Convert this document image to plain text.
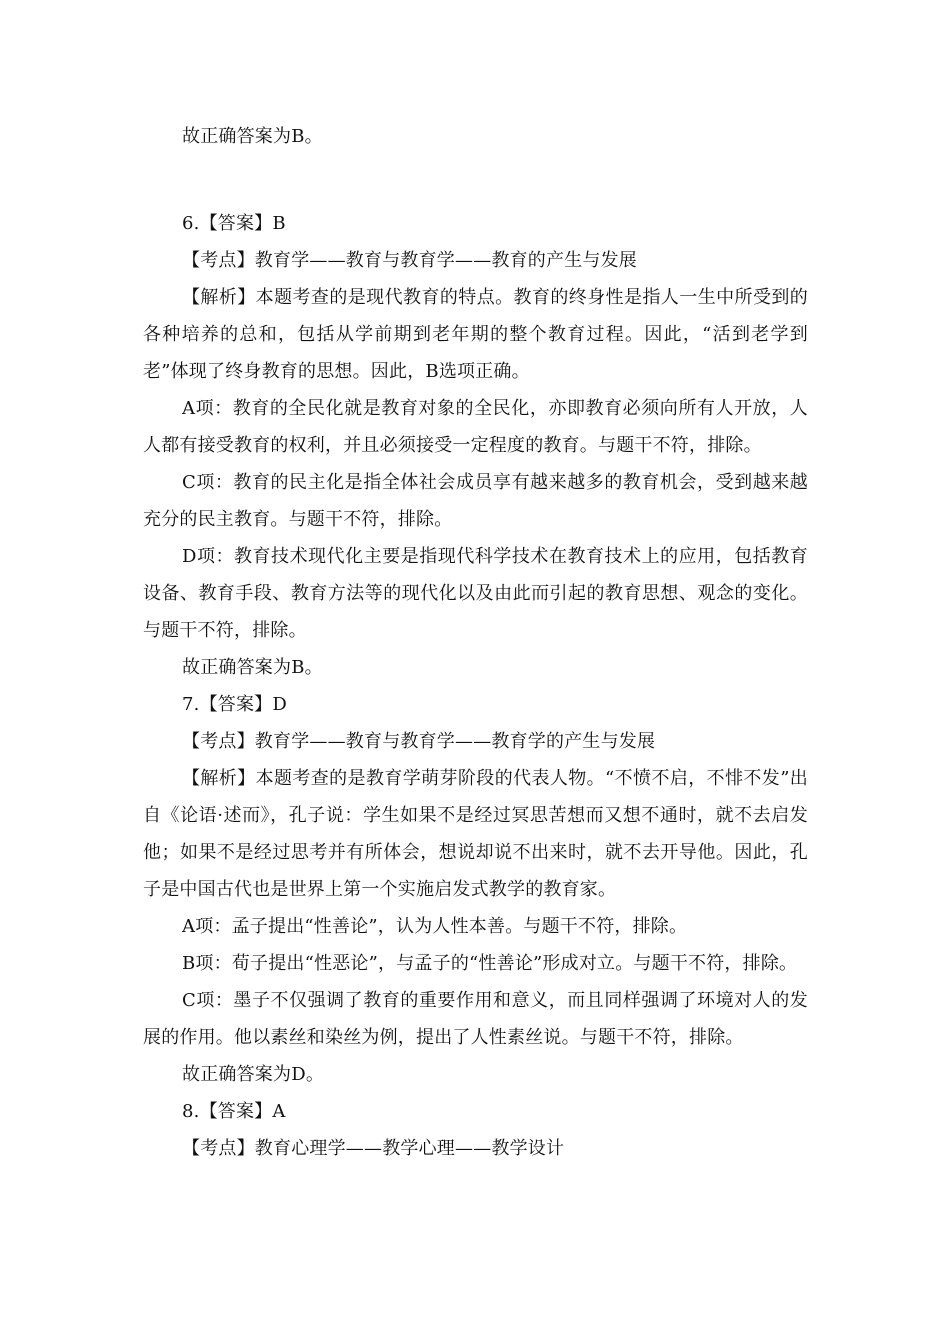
故正确答案为B。
6.【答案】B
【考点】教育学——教育与教育学——教育的产生与发展

【解析】本题考查的是现代教育的特点。教育的终身性是指人一生中所受到的各种培养的总和，包括从学前期到老年期的整个教育过程。因此，“活到老学到老”体现了终身教育的思想。因此，B选项正确。

A项：教育的全民化就是教育对象的全民化，亦即教育必须向所有人开放，人人都有接受教育的权利，并且必须接受一定程度的教育。与题干不符，排除。

C项：教育的民主化是指全体社会成员享有越来越多的教育机会，受到越来越充分的民主教育。与题干不符，排除。

D项：教育技术现代化主要是指现代科学技术在教育技术上的应用，包括教育设备、教育手段、教育方法等的现代化以及由此而引起的教育思想、观念的变化。与题干不符，排除。

故正确答案为B。
7.【答案】D
【考点】教育学——教育与教育学——教育学的产生与发展

【解析】本题考查的是教育学萌芽阶段的代表人物。“不愤不启，不悱不发”出自《论语·述而》，孔子说：学生如果不是经过冥思苦想而又想不通时，就不去启发他；如果不是经过思考并有所体会，想说却说不出来时，就不去开导他。因此，孔子是中国古代也是世界上第一个实施启发式教学的教育家。

A项：孟子提出“性善论”，认为人性本善。与题干不符，排除。

B项：荀子提出“性恶论”，与孟子的“性善论”形成对立。与题干不符，排除。

C项：墨子不仅强调了教育的重要作用和意义，而且同样强调了环境对人的发展的作用。他以素丝和染丝为例，提出了人性素丝说。与题干不符，排除。

故正确答案为D。
8.【答案】A
【考点】教育心理学——教学心理——教学设计
